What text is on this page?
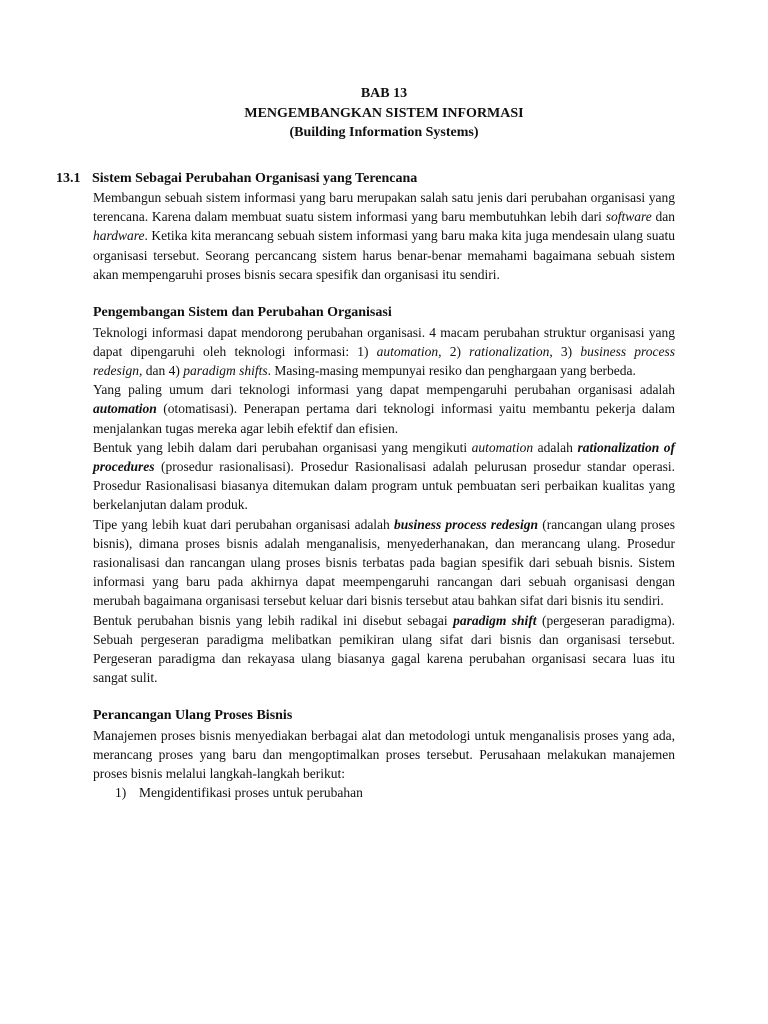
BAB 13
MENGEMBANGKAN SISTEM INFORMASI
(Building Information Systems)
13.1 Sistem Sebagai Perubahan Organisasi yang Terencana

Membangun sebuah sistem informasi yang baru merupakan salah satu jenis dari perubahan organisasi yang terencana. Karena dalam membuat suatu sistem informasi yang baru membutuhkan lebih dari software dan hardware. Ketika kita merancang sebuah sistem informasi yang baru maka kita juga mendesain ulang suatu organisasi tersebut. Seorang percancang sistem harus benar-benar memahami bagaimana sebuah sistem akan mempengaruhi proses bisnis secara spesifik dan organisasi itu sendiri.

Pengembangan Sistem dan Perubahan Organisasi

Teknologi informasi dapat mendorong perubahan organisasi. 4 macam perubahan struktur organisasi yang dapat dipengaruhi oleh teknologi informasi: 1) automation, 2) rationalization, 3) business process redesign, dan 4) paradigm shifts. Masing-masing mempunyai resiko dan penghargaan yang berbeda.

Yang paling umum dari teknologi informasi yang dapat mempengaruhi perubahan organisasi adalah automation (otomatisasi). Penerapan pertama dari teknologi informasi yaitu membantu pekerja dalam menjalankan tugas mereka agar lebih efektif dan efisien.

Bentuk yang lebih dalam dari perubahan organisasi yang mengikuti automation adalah rationalization of procedures (prosedur rasionalisasi). Prosedur Rasionalisasi adalah pelurusan prosedur standar operasi. Prosedur Rasionalisasi biasanya ditemukan dalam program untuk pembuatan seri perbaikan kualitas yang berkelanjutan dalam produk.

Tipe yang lebih kuat dari perubahan organisasi adalah business process redesign (rancangan ulang proses bisnis), dimana proses bisnis adalah menganalisis, menyederhanakan, dan merancang ulang. Prosedur rasionalisasi dan rancangan ulang proses bisnis terbatas pada bagian spesifik dari sebuah bisnis. Sistem informasi yang baru pada akhirnya dapat meempengaruhi rancangan dari sebuah organisasi dengan merubah bagaimana organisasi tersebut keluar dari bisnis tersebut atau bahkan sifat dari bisnis itu sendiri.

Bentuk perubahan bisnis yang lebih radikal ini disebut sebagai paradigm shift (pergeseran paradigma). Sebuah pergeseran paradigma melibatkan pemikiran ulang sifat dari bisnis dan organisasi tersebut. Pergeseran paradigma dan rekayasa ulang biasanya gagal karena perubahan organisasi secara luas itu sangat sulit.

Perancangan Ulang Proses Bisnis

Manajemen proses bisnis menyediakan berbagai alat dan metodologi untuk menganalisis proses yang ada, merancang proses yang baru dan mengoptimalkan proses tersebut. Perusahaan melakukan manajemen proses bisnis melalui langkah-langkah berikut:

1) Mengidentifikasi proses untuk perubahan
